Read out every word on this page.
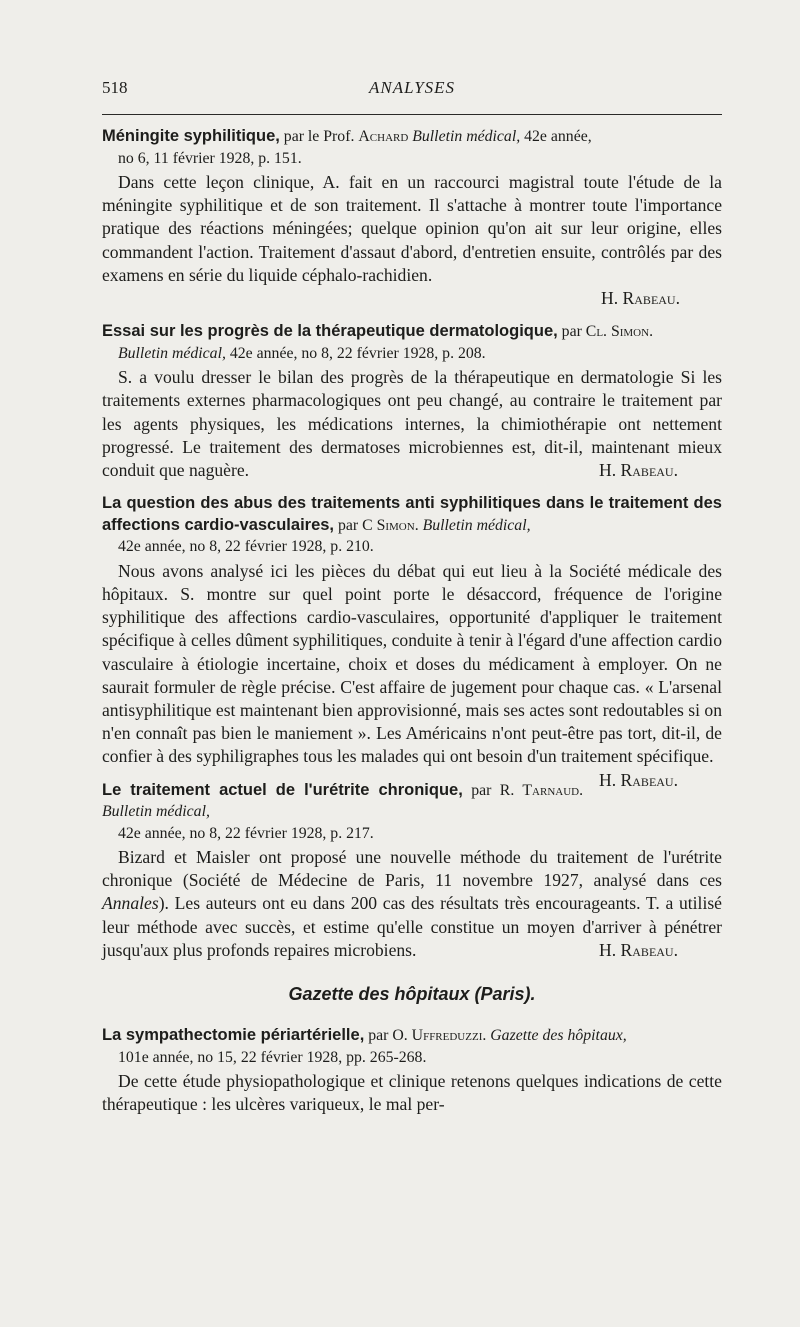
518	ANALYSES

Méningite syphilitique, par le Prof. Achard Bulletin médical, 42e année,
no 6, 11 février 1928, p. 151.

Dans cette leçon clinique, A. fait en un raccourci magistral toute l'étude de la méningite syphilitique et de son traitement. Il s'attache à montrer toute l'importance pratique des réactions méningées; quelque opinion qu'on ait sur leur origine, elles commandent l'action. Traitement d'assaut d'abord, d'entretien ensuite, contrôlés par des examens en série du liquide céphalo-rachidien.

H. Rabeau.

Essai sur les progrès de la thérapeutique dermatologique, par Cl. Simon.
Bulletin médical, 42e année, no 8, 22 février 1928, p. 208.

S. a voulu dresser le bilan des progrès de la thérapeutique en dermatologie Si les traitements externes pharmacologiques ont peu changé, au contraire le traitement par les agents physiques, les médications internes, la chimiothérapie ont nettement progressé. Le traitement des dermatoses microbiennes est, dit-il, maintenant mieux conduit que naguère.	H. Rabeau.

La question des abus des traitements anti syphilitiques dans le traitement des affections cardio-vasculaires, par C Simon. Bulletin médical,
42e année, no 8, 22 février 1928, p. 210.

Nous avons analysé ici les pièces du débat qui eut lieu à la Société médicale des hôpitaux. S. montre sur quel point porte le désaccord, fréquence de l'origine syphilitique des affections cardio-vasculaires, opportunité d'appliquer le traitement spécifique à celles dûment syphilitiques, conduite à tenir à l'égard d'une affection cardio vasculaire à étiologie incertaine, choix et doses du médicament à employer. On ne saurait formuler de règle précise. C'est affaire de jugement pour chaque cas. « L'arsenal antisyphilitique est maintenant bien approvisionné, mais ses actes sont redoutables si on n'en connaît pas bien le maniement ». Les Américains n'ont peut-être pas tort, dit-il, de confier à des syphiligraphes tous les malades qui ont besoin d'un traitement spécifique.
H. Rabeau.

Le traitement actuel de l'urétrite chronique, par R. Tarnaud. Bulletin médical,
42e année, no 8, 22 février 1928, p. 217.

Bizard et Maisler ont proposé une nouvelle méthode du traitement de l'urétrite chronique (Société de Médecine de Paris, 11 novembre 1927, analysé dans ces Annales). Les auteurs ont eu dans 200 cas des résultats très encourageants. T. a utilisé leur méthode avec succès, et estime qu'elle constitue un moyen d'arriver à pénétrer jusqu'aux plus profonds repaires microbiens.	H. Rabeau.

Gazette des hôpitaux (Paris).

La sympathectomie périartérielle, par O. Uffreduzzi. Gazette des hôpitaux,
101e année, no 15, 22 février 1928, pp. 265-268.

De cette étude physiopathologique et clinique retenons quelques indications de cette thérapeutique : les ulcères variqueux, le mal per-
